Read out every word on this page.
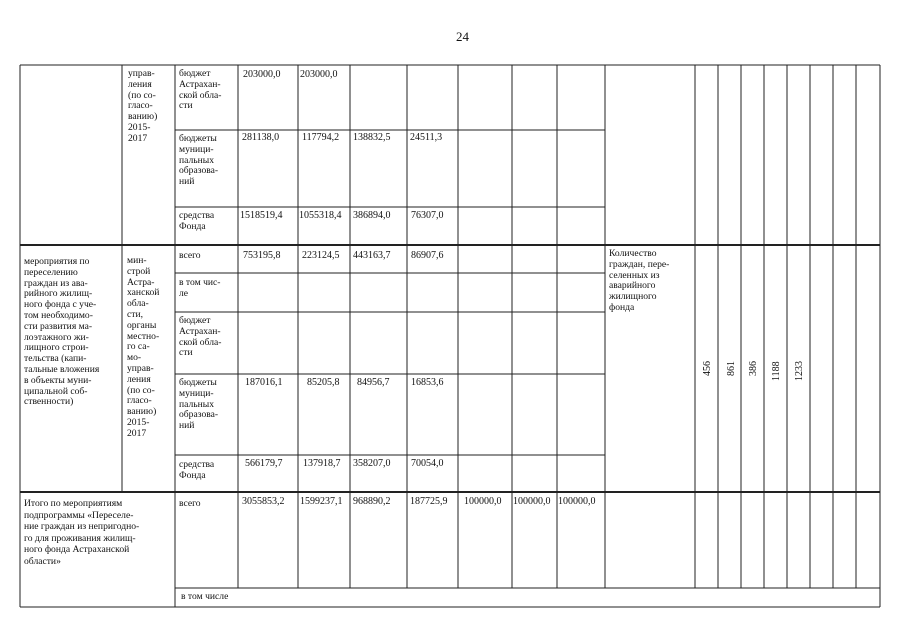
24
управ-
ления
(по со-
гласо-
ванию)
2015-
2017
бюджет
Астрахан-
ской обла-
сти
203000,0 203000,0
бюджеты
муници-
пальных
образова-
ний
281138,0 117794,2 138832,5 24511,3
средства
Фонда
1518519,4 1055318,4 386894,0 76307,0
мероприятия по
переселению
граждан из ава-
рийного жилищ-
ного фонда с уче-
том необходимо-
сти развития ма-
лоэтажного жи-
лищного строи-
тельства (капи-
тальные вложения
в объекты муни-
ципальной соб-
ственности)
мин-
строй
Астра-
ханской
обла-
сти,
органы
местно-
го са-
мо-
управ-
ления
(по со-
гласо-
ванию)
2015-
2017
Количество
граждан, пере-
селенных из
аварийного
жилищного
фонда
всего	753195,8 223124,5 443163,7 86907,6
в том чис-
ле
бюджет
Астрахан-
ской обла-
сти
бюджеты
муници-
пальных
образова-
ний
187016,1 85205,8 84956,7 16853,6
средства
Фонда
566179,7 137918,7 358207,0 70054,0
456 861 386 1188 1233
Итого по мероприятиям
подпрограммы «Переселе-
ние граждан из непригодно-
го для проживания жилищ-
ного фонда Астраханской
области»
всего	3055853,2 1599237,1 968890,2 187725,9 100000,0 100000,0 100000,0
в том числе
